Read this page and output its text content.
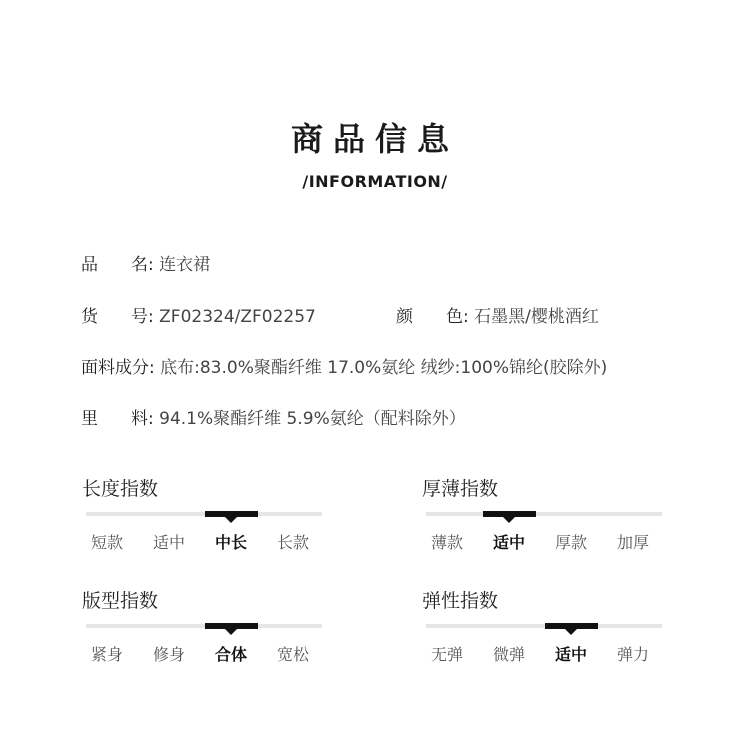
商品信息
/INFORMATION/
品 名: 连衣裙
货 号: ZF02324/ZF02257	颜 色: 石墨黑/樱桃酒红
面料成分: 底布:83.0%聚酯纤维 17.0%氨纶 绒纱:100%锦纶(胶除外)
里 料: 94.1%聚酯纤维 5.9%氨纶（配料除外）
长度指数
短款	适中	中长	长款
厚薄指数
薄款	适中	厚款	加厚
版型指数
紧身	修身	合体	宽松
弹性指数
无弹	微弹	适中	弹力
